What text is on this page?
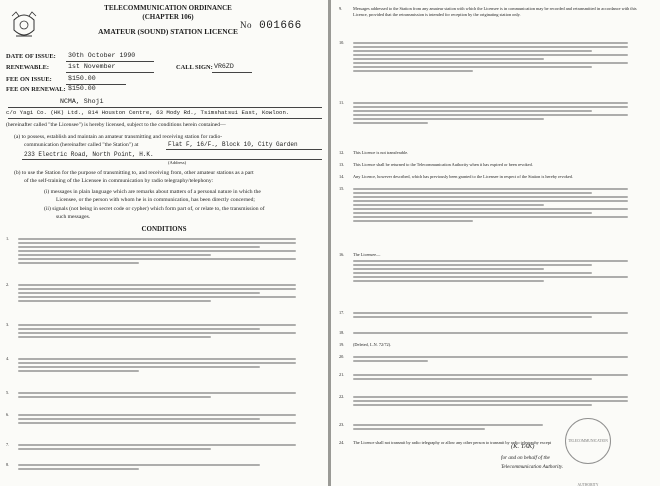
TELECOMMUNICATION ORDINANCE
(CHAPTER 106)
AMATEUR (SOUND) STATION LICENCE
No 001666
DATE OF ISSUE: 30th October 1990
RENEWABLE:	1st November	CALL SIGN: VR6ZD
FEE ON ISSUE: $150.00
FEE ON RENEWAL: $150.00
NCMA, Shoji
c/o Yagi Co. (HK) Ltd., 814 Houston Centre, 63 Mody Rd., Tsimshatsui East, Kowloon.
(hereinafter called "the Licensee") is hereby licensed, subject to the conditions herein contained—
(a) to possess, establish and maintain an amateur transmitting and receiving station for radio-
communication (hereinafter called "the Station") at	Flat F, 16/F., Block 10, City Garden
233 Electric Road, North Point, H.K.
(Address)
(b) to use the Station for the purpose of transmitting to, and receiving from, other amateur stations as a part
of the self-training of the Licensee in communication by radio telegraphy/telephony:
(i) messages in plain language which are remarks about matters of a personal nature in which the
Licensee, or the person with whom he is in communication, has been directly concerned;
(ii) signals (not being in secret code or cypher) which form part of, or relate to, the transmission of
such messages.
CONDITIONS
1.
2.
3.
4.
5.
6.
7.
8.
9.	Messages addressed to the Station from any amateur station with which the Licensee is in communication may be recorded and retransmitted in accordance with this Licence, provided that the retransmission is intended for reception by the originating station only.
10.
11.
12. This Licence is not transferable.
13. This Licence shall be returned to the Telecommunication Authority when it has expired or been revoked.
14. Any Licence, however described, which has previously been granted to the Licensee in respect of the Station is hereby revoked.
15.
16. The Licensee—
17.
18.
19. (Deleted, L.N. 72/72).
20.
21.
22.
23.
24. The Licence shall not transmit by radio telegraphy or allow any other person to transmit by radio telegraphy except	TELECOMMUNICATION AUTHORITY
(K. TAK)
for and on behalf of the
Telecommunication Authority.
